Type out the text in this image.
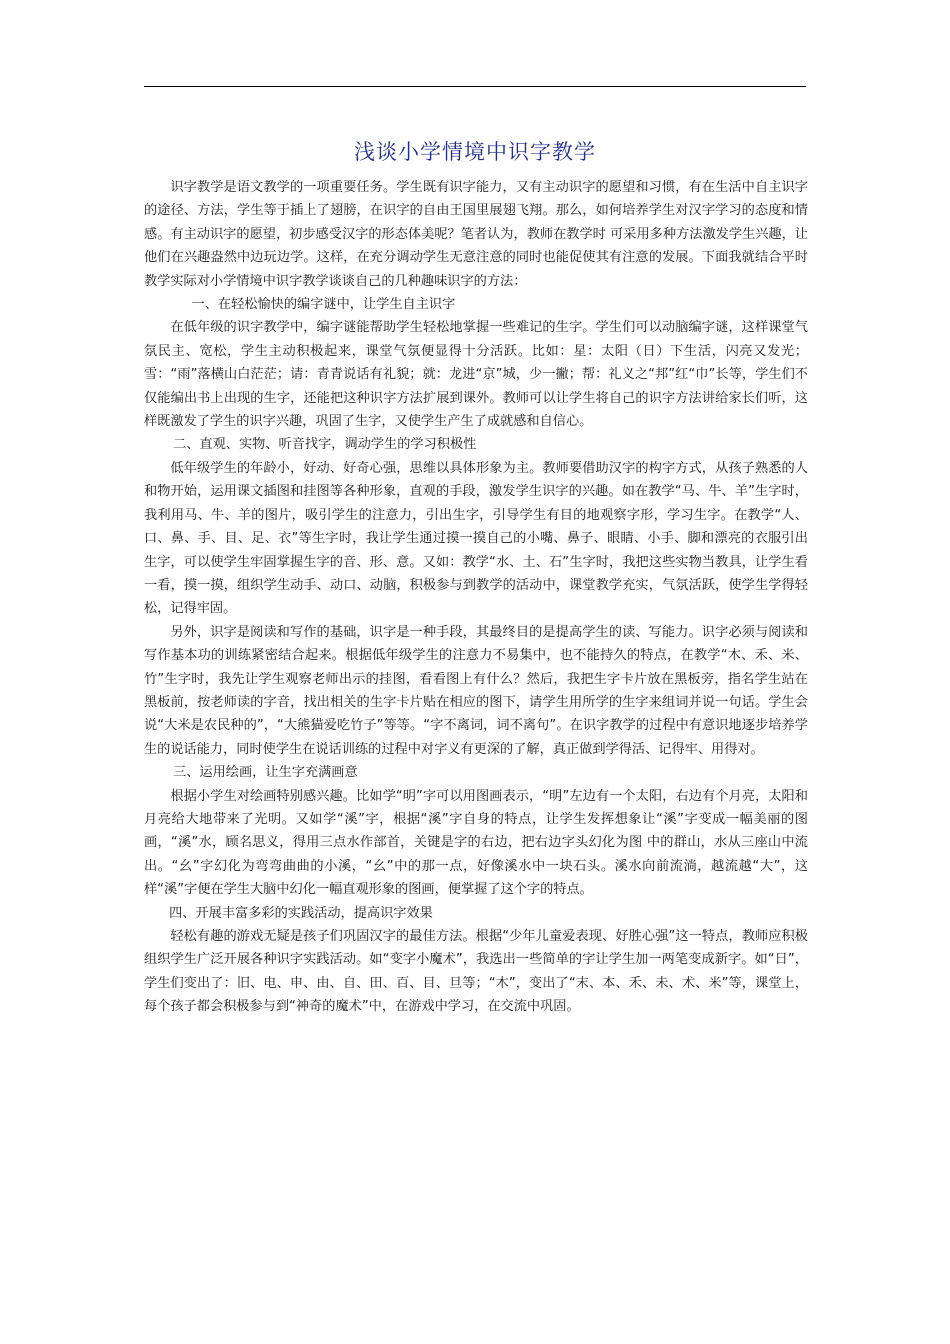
浅谈小学情境中识字教学

识字教学是语文教学的一项重要任务。学生既有识字能力，又有主动识字的愿望和习惯，有在生活中自主识字的途径、方法，学生等于插上了翅膀，在识字的自由王国里展翅飞翔。那么，如何培养学生对汉字学习的态度和情感。有主动识字的愿望，初步感受汉字的形态体美呢？笔者认为，教师在教学时 可采用多种方法激发学生兴趣，让他们在兴趣盎然中边玩边学。这样，在充分调动学生无意注意的同时也能促使其有注意的发展。下面我就结合平时教学实际对小学情境中识字教学谈谈自己的几种趣味识字的方法：

一、在轻松愉快的编字谜中，让学生自主识字

在低年级的识字教学中，编字谜能帮助学生轻松地掌握一些难记的生字。学生们可以动脑编字谜，这样课堂气氛民主、宽松，学生主动积极起来，课堂气氛便显得十分活跃。比如：星：太阳（日）下生活，闪亮又发光；雪：“雨”落横山白茫茫；请：青青说话有礼貌；就：龙进“京”城，少一撇；帮：礼义之“邦”红“巾”长等，学生们不仅能编出书上出现的生字，还能把这种识字方法扩展到课外。教师可以让学生将自己的识字方法讲给家长们听，这样既激发了学生的识字兴趣，巩固了生字，又使学生产生了成就感和自信心。

二、直观、实物、听音找字，调动学生的学习积极性

低年级学生的年龄小，好动、好奇心强，思维以具体形象为主。教师要借助汉字的构字方式，从孩子熟悉的人和物开始，运用课文插图和挂图等各种形象，直观的手段，激发学生识字的兴趣。如在教学“马、牛、羊”生字时，我利用马、牛、羊的图片，吸引学生的注意力，引出生字，引导学生有目的地观察字形，学习生字。在教学“人、口、鼻、手、目、足、衣”等生字时，我让学生通过摸一摸自己的小嘴、鼻子、眼睛、小手、脚和漂亮的衣服引出生字，可以使学生牢固掌握生字的音、形、意。又如：教学“水、土、石”生字时，我把这些实物当教具，让学生看一看，摸一摸，组织学生动手、动口、动脑，积极参与到教学的活动中，课堂教学充实，气氛活跃，使学生学得轻松，记得牢固。

另外，识字是阅读和写作的基础，识字是一种手段，其最终目的是提高学生的读、写能力。识字必须与阅读和写作基本功的训练紧密结合起来。根据低年级学生的注意力不易集中，也不能持久的特点，在教学“木、禾、米、竹”生字时，我先让学生观察老师出示的挂图，看看图上有什么？然后，我把生字卡片放在黑板旁，指名学生站在黑板前，按老师读的字音，找出相关的生字卡片贴在相应的图下，请学生用所学的生字来组词并说一句话。学生会说“大米是农民种的”，“大熊猫爱吃竹子”等等。“字不离词，词不离句”。在识字教学的过程中有意识地逐步培养学生的说话能力，同时使学生在说话训练的过程中对字义有更深的了解，真正做到学得活、记得牢、用得对。

三、运用绘画，让生字充满画意

根据小学生对绘画特别感兴趣。比如学“明”字可以用图画表示，“明”左边有一个太阳，右边有个月亮，太阳和月亮给大地带来了光明。又如学“溪”字，根据“溪”字自身的特点，让学生发挥想象让“溪”字变成一幅美丽的图画，“溪”水，顾名思义，得用三点水作部首，关键是字的右边，把右边字头幻化为图 中的群山，水从三座山中流出。“幺”字幻化为弯弯曲曲的小溪，“幺”中的那一点，好像溪水中一块石头。溪水向前流淌，越流越“大”，这样“溪”字便在学生大脑中幻化一幅直观形象的图画，便掌握了这个字的特点。

四、开展丰富多彩的实践活动，提高识字效果

轻松有趣的游戏无疑是孩子们巩固汉字的最佳方法。根据“少年儿童爱表现、好胜心强”这一特点，教师应积极组织学生广泛开展各种识字实践活动。如“变字小魔术”，我选出一些简单的字让学生加一两笔变成新字。如“日”，学生们变出了：旧、电、申、由、自、田、百、目、旦等；“木”，变出了“末、本、禾、未、术、米”等，课堂上，每个孩子都会积极参与到“神奇的魔术”中，在游戏中学习，在交流中巩固。
